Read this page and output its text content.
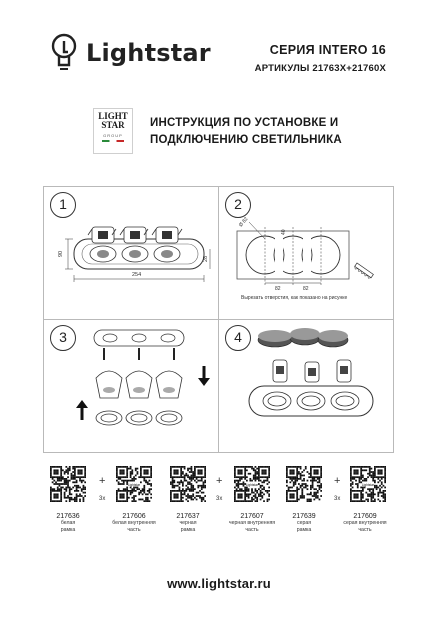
Lightstar	СЕРИЯ INTERO 16
АРТИКУЛЫ 21763X+21760X
LIGHT
STAR
GROUP
ИНСТРУКЦИЯ ПО УСТАНОВКЕ И
ПОДКЛЮЧЕНИЮ СВЕТИЛЬНИКА
90
254
28
1
Ø 82
40
82	82
2
Вырезать отверстия, как показано на рисунке
3	4
+
3x
Lightstar	+
3x
Lightstar	+
3x
Lightstar
217636
белая
рамка
217606
белая внутренняя
часть
217637
черная
рамка
217607
черная внутренняя
часть
217639
серая
рамка
217609
серая внутренняя
часть
www.lightstar.ru
